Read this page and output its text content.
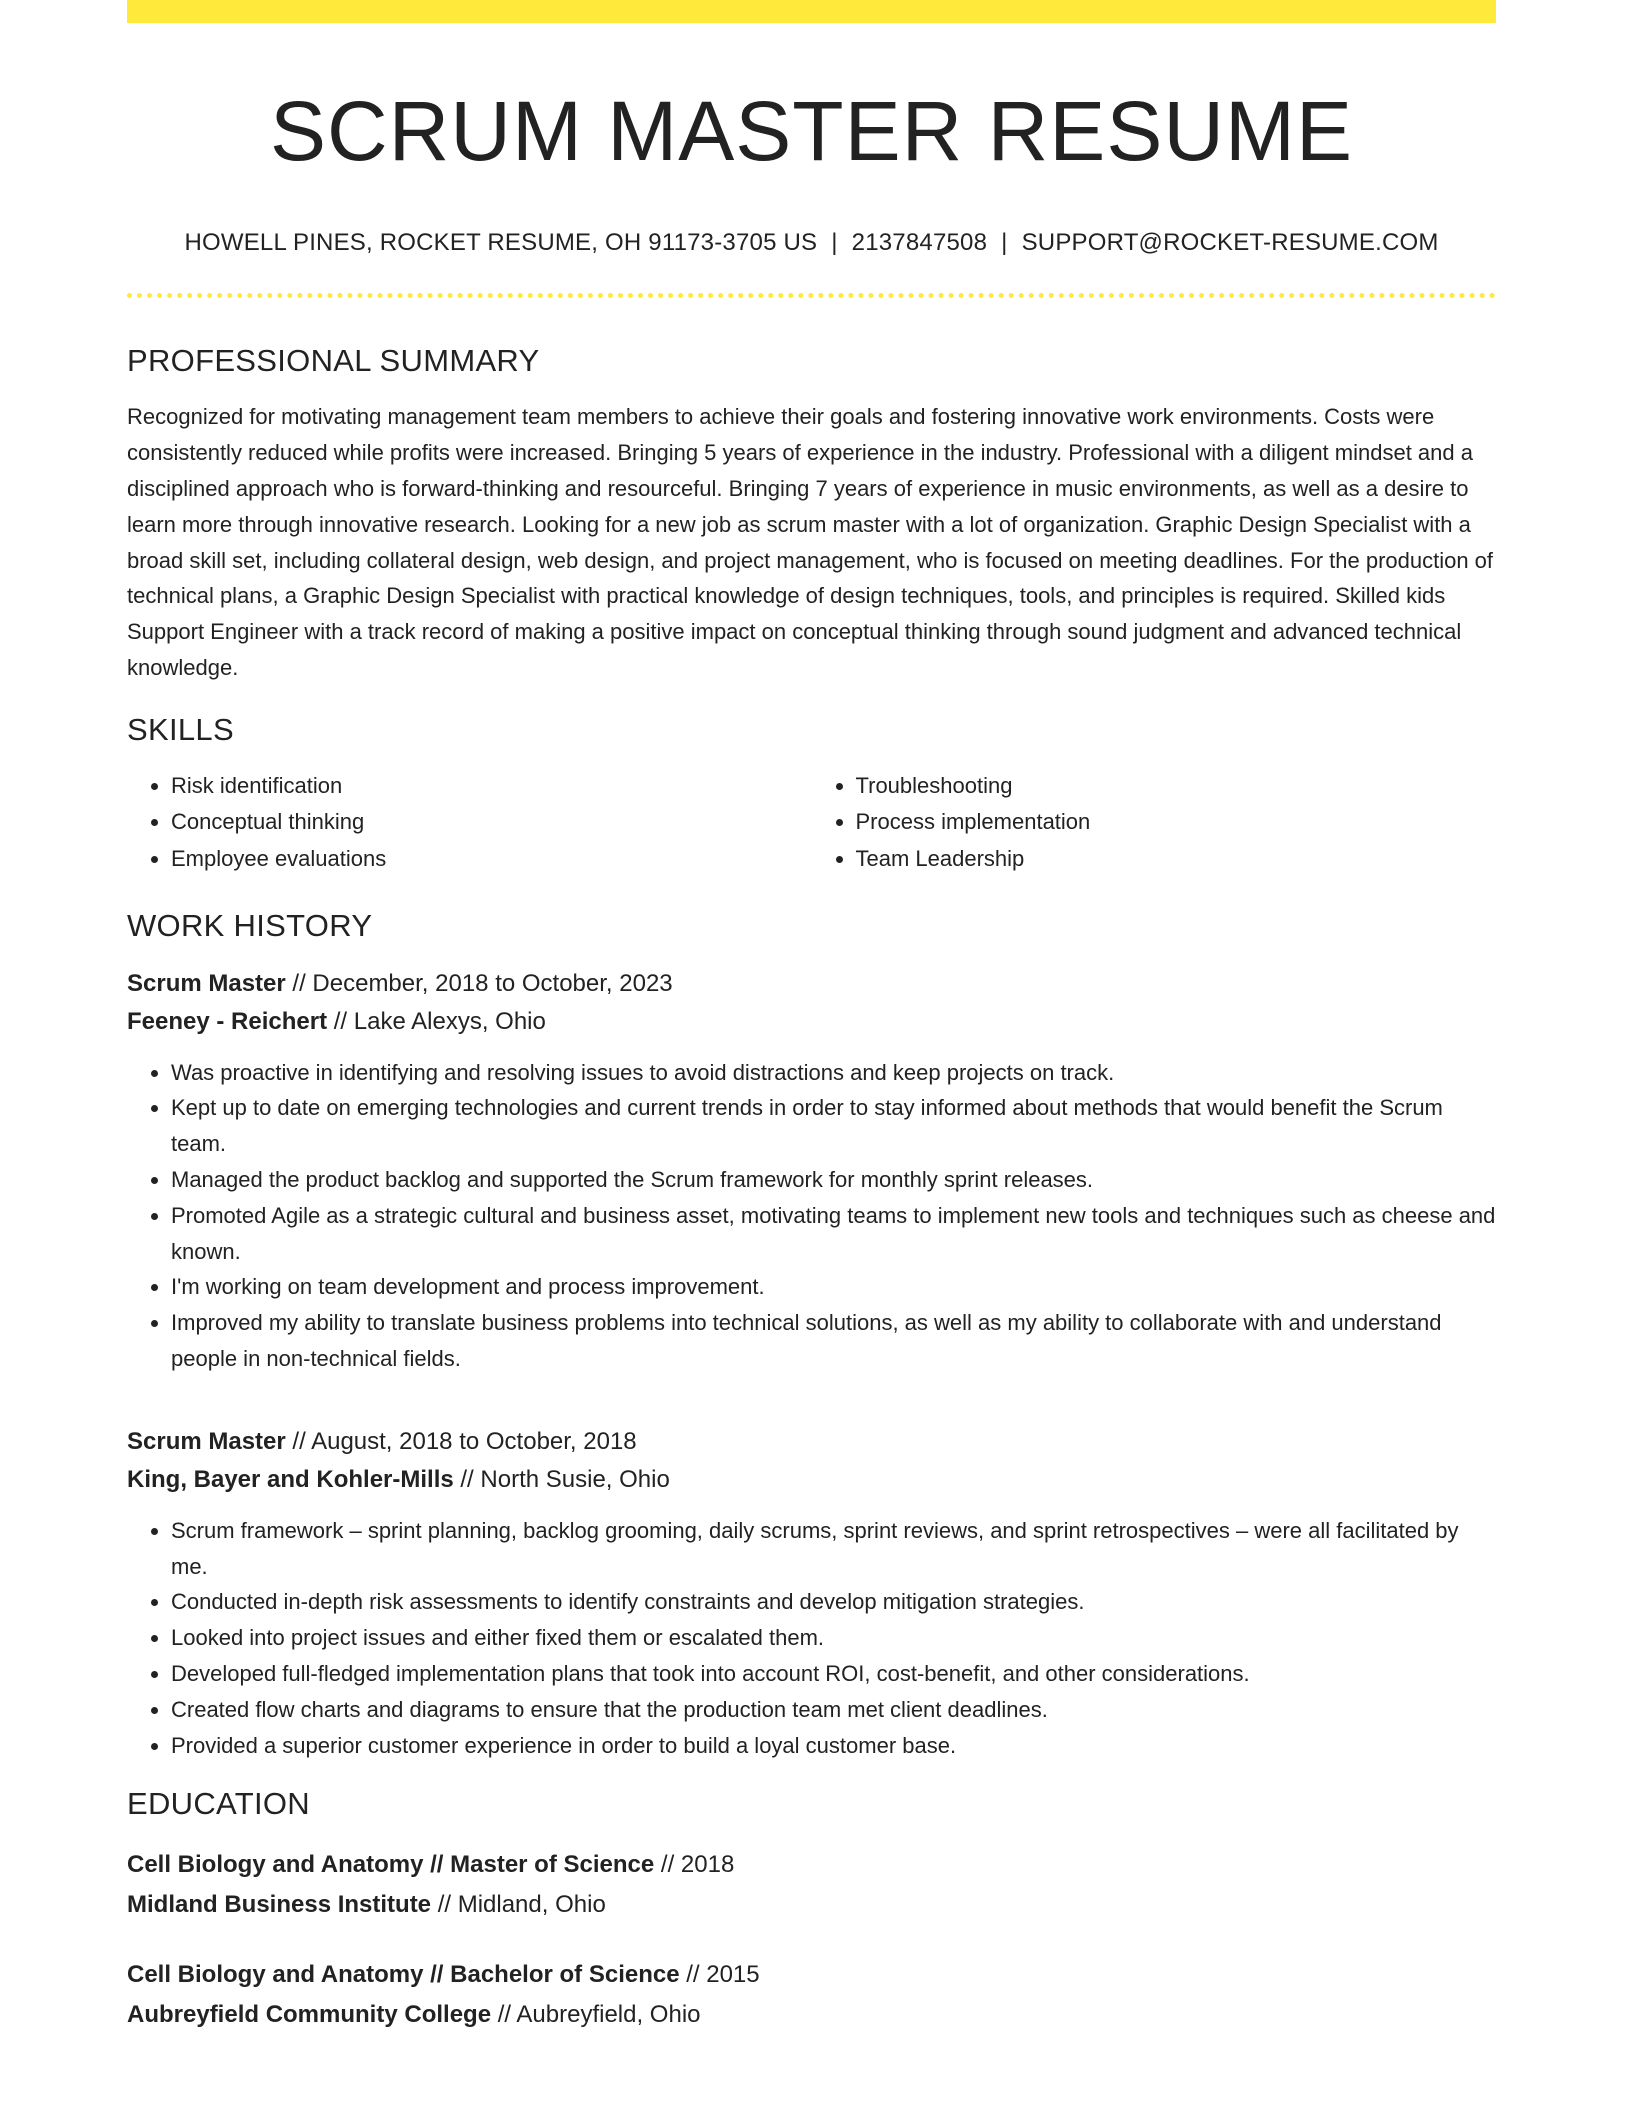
SCRUM MASTER RESUME
HOWELL PINES, ROCKET RESUME, OH 91173-3705 US | 2137847508 | SUPPORT@ROCKET-RESUME.COM
PROFESSIONAL SUMMARY
Recognized for motivating management team members to achieve their goals and fostering innovative work environments. Costs were consistently reduced while profits were increased. Bringing 5 years of experience in the industry. Professional with a diligent mindset and a disciplined approach who is forward-thinking and resourceful. Bringing 7 years of experience in music environments, as well as a desire to learn more through innovative research. Looking for a new job as scrum master with a lot of organization. Graphic Design Specialist with a broad skill set, including collateral design, web design, and project management, who is focused on meeting deadlines. For the production of technical plans, a Graphic Design Specialist with practical knowledge of design techniques, tools, and principles is required. Skilled kids Support Engineer with a track record of making a positive impact on conceptual thinking through sound judgment and advanced technical knowledge.
SKILLS
• Risk identification
• Conceptual thinking
• Employee evaluations
• Troubleshooting
• Process implementation
• Team Leadership
WORK HISTORY
Scrum Master // December, 2018 to October, 2023
Feeney - Reichert // Lake Alexys, Ohio
• Was proactive in identifying and resolving issues to avoid distractions and keep projects on track.
• Kept up to date on emerging technologies and current trends in order to stay informed about methods that would benefit the Scrum team.
• Managed the product backlog and supported the Scrum framework for monthly sprint releases.
• Promoted Agile as a strategic cultural and business asset, motivating teams to implement new tools and techniques such as cheese and known.
• I'm working on team development and process improvement.
• Improved my ability to translate business problems into technical solutions, as well as my ability to collaborate with and understand people in non-technical fields.
Scrum Master // August, 2018 to October, 2018
King, Bayer and Kohler-Mills // North Susie, Ohio
• Scrum framework – sprint planning, backlog grooming, daily scrums, sprint reviews, and sprint retrospectives – were all facilitated by me.
• Conducted in-depth risk assessments to identify constraints and develop mitigation strategies.
• Looked into project issues and either fixed them or escalated them.
• Developed full-fledged implementation plans that took into account ROI, cost-benefit, and other considerations.
• Created flow charts and diagrams to ensure that the production team met client deadlines.
• Provided a superior customer experience in order to build a loyal customer base.
EDUCATION
Cell Biology and Anatomy // Master of Science // 2018
Midland Business Institute // Midland, Ohio
Cell Biology and Anatomy // Bachelor of Science // 2015
Aubreyfield Community College // Aubreyfield, Ohio
